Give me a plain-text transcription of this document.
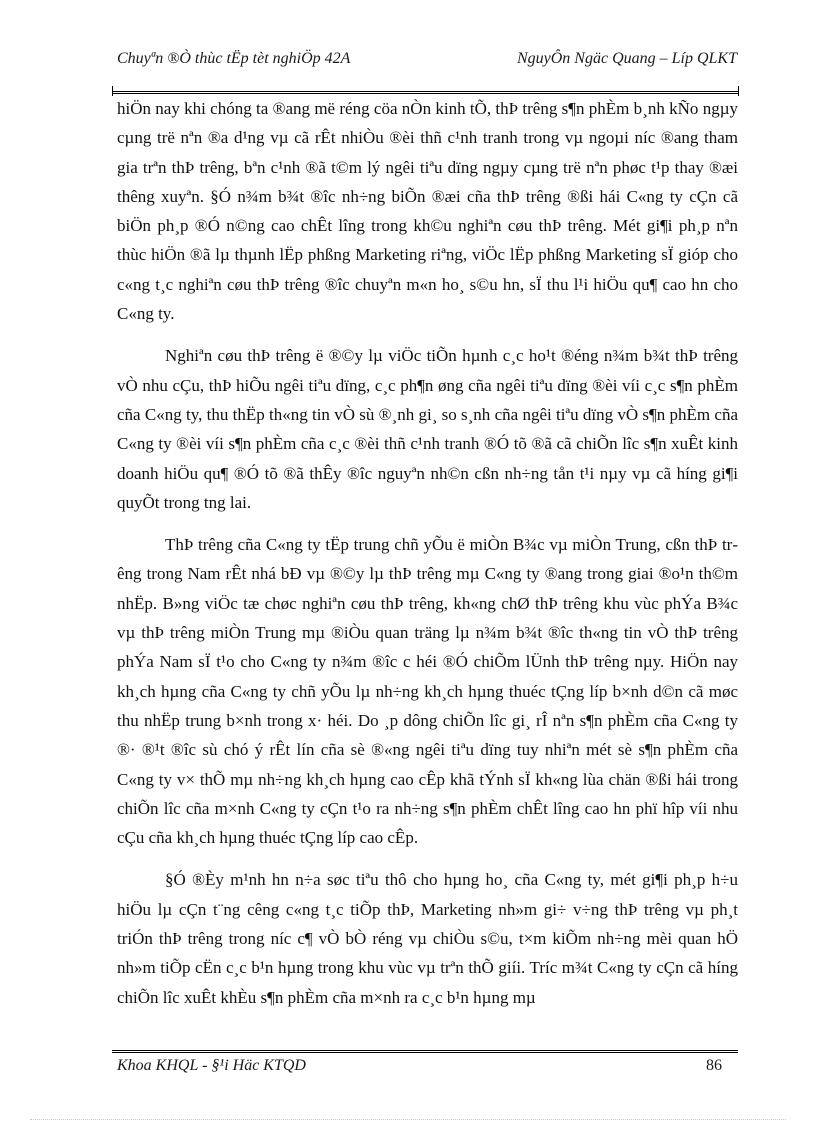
Chuyªn ®Ò thùc tËp tèt nghiÖp 42A	NguyÔn Ngäc Quang – Líp QLKT

hiÖn nay khi chóng ta ®ang më réng cöa nÒn kinh tÕ, thÞ trêng s¶n phÈm b¸nh kÑo ngµy cµng trë nªn ®a d¹ng vµ cã rÊt nhiÒu ®èi thñ c¹nh tranh trong vµ ngoµi níc ®ang tham gia trªn thÞ trêng, bªn c¹nh ®ã t©m lý ngêi tiªu dïng ngµy cµng trë nªn phøc t¹p thay ®æi thêng xuyªn. §Ó n¾m b¾t ®îc nh÷ng biÕn ®æi cña thÞ trêng ®ßi hái C«ng ty cÇn cã biÖn ph¸p ®Ó n©ng cao chÊt lîng trong kh©u nghiªn cøu thÞ trêng. Mét gi¶i ph¸p nªn thùc hiÖn ®ã lµ thµnh lËp phßng Marketing riªng, viÖc lËp phßng Marketing sÏ gióp cho c«ng t¸c nghiªn cøu thÞ trêng ®îc chuyªn m«n ho¸ s©u hn, sÏ thu l¹i hiÖu qu¶ cao hn cho C«ng ty.

Nghiªn cøu thÞ trêng ë ®©y lµ viÖc tiÕn hµnh c¸c ho¹t ®éng n¾m b¾t thÞ trêng vÒ nhu cÇu, thÞ hiÕu ngêi tiªu dïng, c¸c ph¶n øng cña ngêi tiªu dïng ®èi víi c¸c s¶n phÈm cña C«ng ty, thu thËp th«ng tin vÒ sù ®¸nh gi¸ so s¸nh cña ngêi tiªu dïng vÒ s¶n phÈm cña C«ng ty ®èi víi s¶n phÈm cña c¸c ®èi thñ c¹nh tranh ®Ó tõ ®ã cã chiÕn lîc s¶n xuÊt kinh doanh hiÖu qu¶ ®Ó tõ ®ã thÊy ®îc nguyªn nh©n cßn nh÷ng tån t¹i nµy vµ cã híng gi¶i quyÕt trong tng lai.

ThÞ trêng cña C«ng ty tËp trung chñ yÕu ë miÒn B¾c vµ miÒn Trung, cßn thÞ trêng trong Nam rÊt nhá bÐ vµ ®©y lµ thÞ trêng mµ C«ng ty ®ang trong giai ®o¹n th©m nhËp. B»ng viÖc tæ chøc nghiªn cøu thÞ trêng, kh«ng chØ thÞ trêng khu vùc phÝa B¾c vµ thÞ trêng miÒn Trung mµ ®iÒu quan träng lµ n¾m b¾t ®îc th«ng tin vÒ thÞ trêng phÝa Nam sÏ t¹o cho C«ng ty n¾m ®îc c héi ®Ó chiÕm lÜnh thÞ trêng nµy. HiÖn nay kh¸ch hµng cña C«ng ty chñ yÕu lµ nh÷ng kh¸ch hµng thuéc tÇng líp b×nh d©n cã møc thu nhËp trung b×nh trong x· héi. Do ¸p dông chiÕn lîc gi¸ rÎ nªn s¶n phÈm cña C«ng ty ®· ®¹t ®îc sù chó ý rÊt lín cña sè ®«ng ngêi tiªu dïng tuy nhiªn mét sè s¶n phÈm cña C«ng ty v× thÕ mµ nh÷ng kh¸ch hµng cao cÊp khã tÝnh sÏ kh«ng lùa chän ®ßi hái trong chiÕn lîc cña m×nh C«ng ty cÇn t¹o ra nh÷ng s¶n phÈm chÊt lîng cao hn phï hîp víi nhu cÇu cña kh¸ch hµng thuéc tÇng líp cao cÊp.

§Ó ®Èy m¹nh hn n÷a søc tiªu thô cho hµng ho¸ cña C«ng ty, mét gi¶i ph¸p h÷u hiÖu lµ cÇn t¨ng cêng c«ng t¸c tiÕp thÞ, Marketing nh»m gi÷ v÷ng thÞ trêng vµ ph¸t triÓn thÞ trêng trong níc c¶ vÒ bÒ réng vµ chiÒu s©u, t×m kiÕm nh÷ng mèi quan hÖ nh»m tiÕp cËn c¸c b¹n hµng trong khu vùc vµ trªn thÕ giíi. Tríc m¾t C«ng ty cÇn cã híng chiÕn lîc xuÊt khÈu s¶n phÈm cña m×nh ra c¸c b¹n hµng mµ

Khoa KHQL - §¹i Häc KTQD	86
